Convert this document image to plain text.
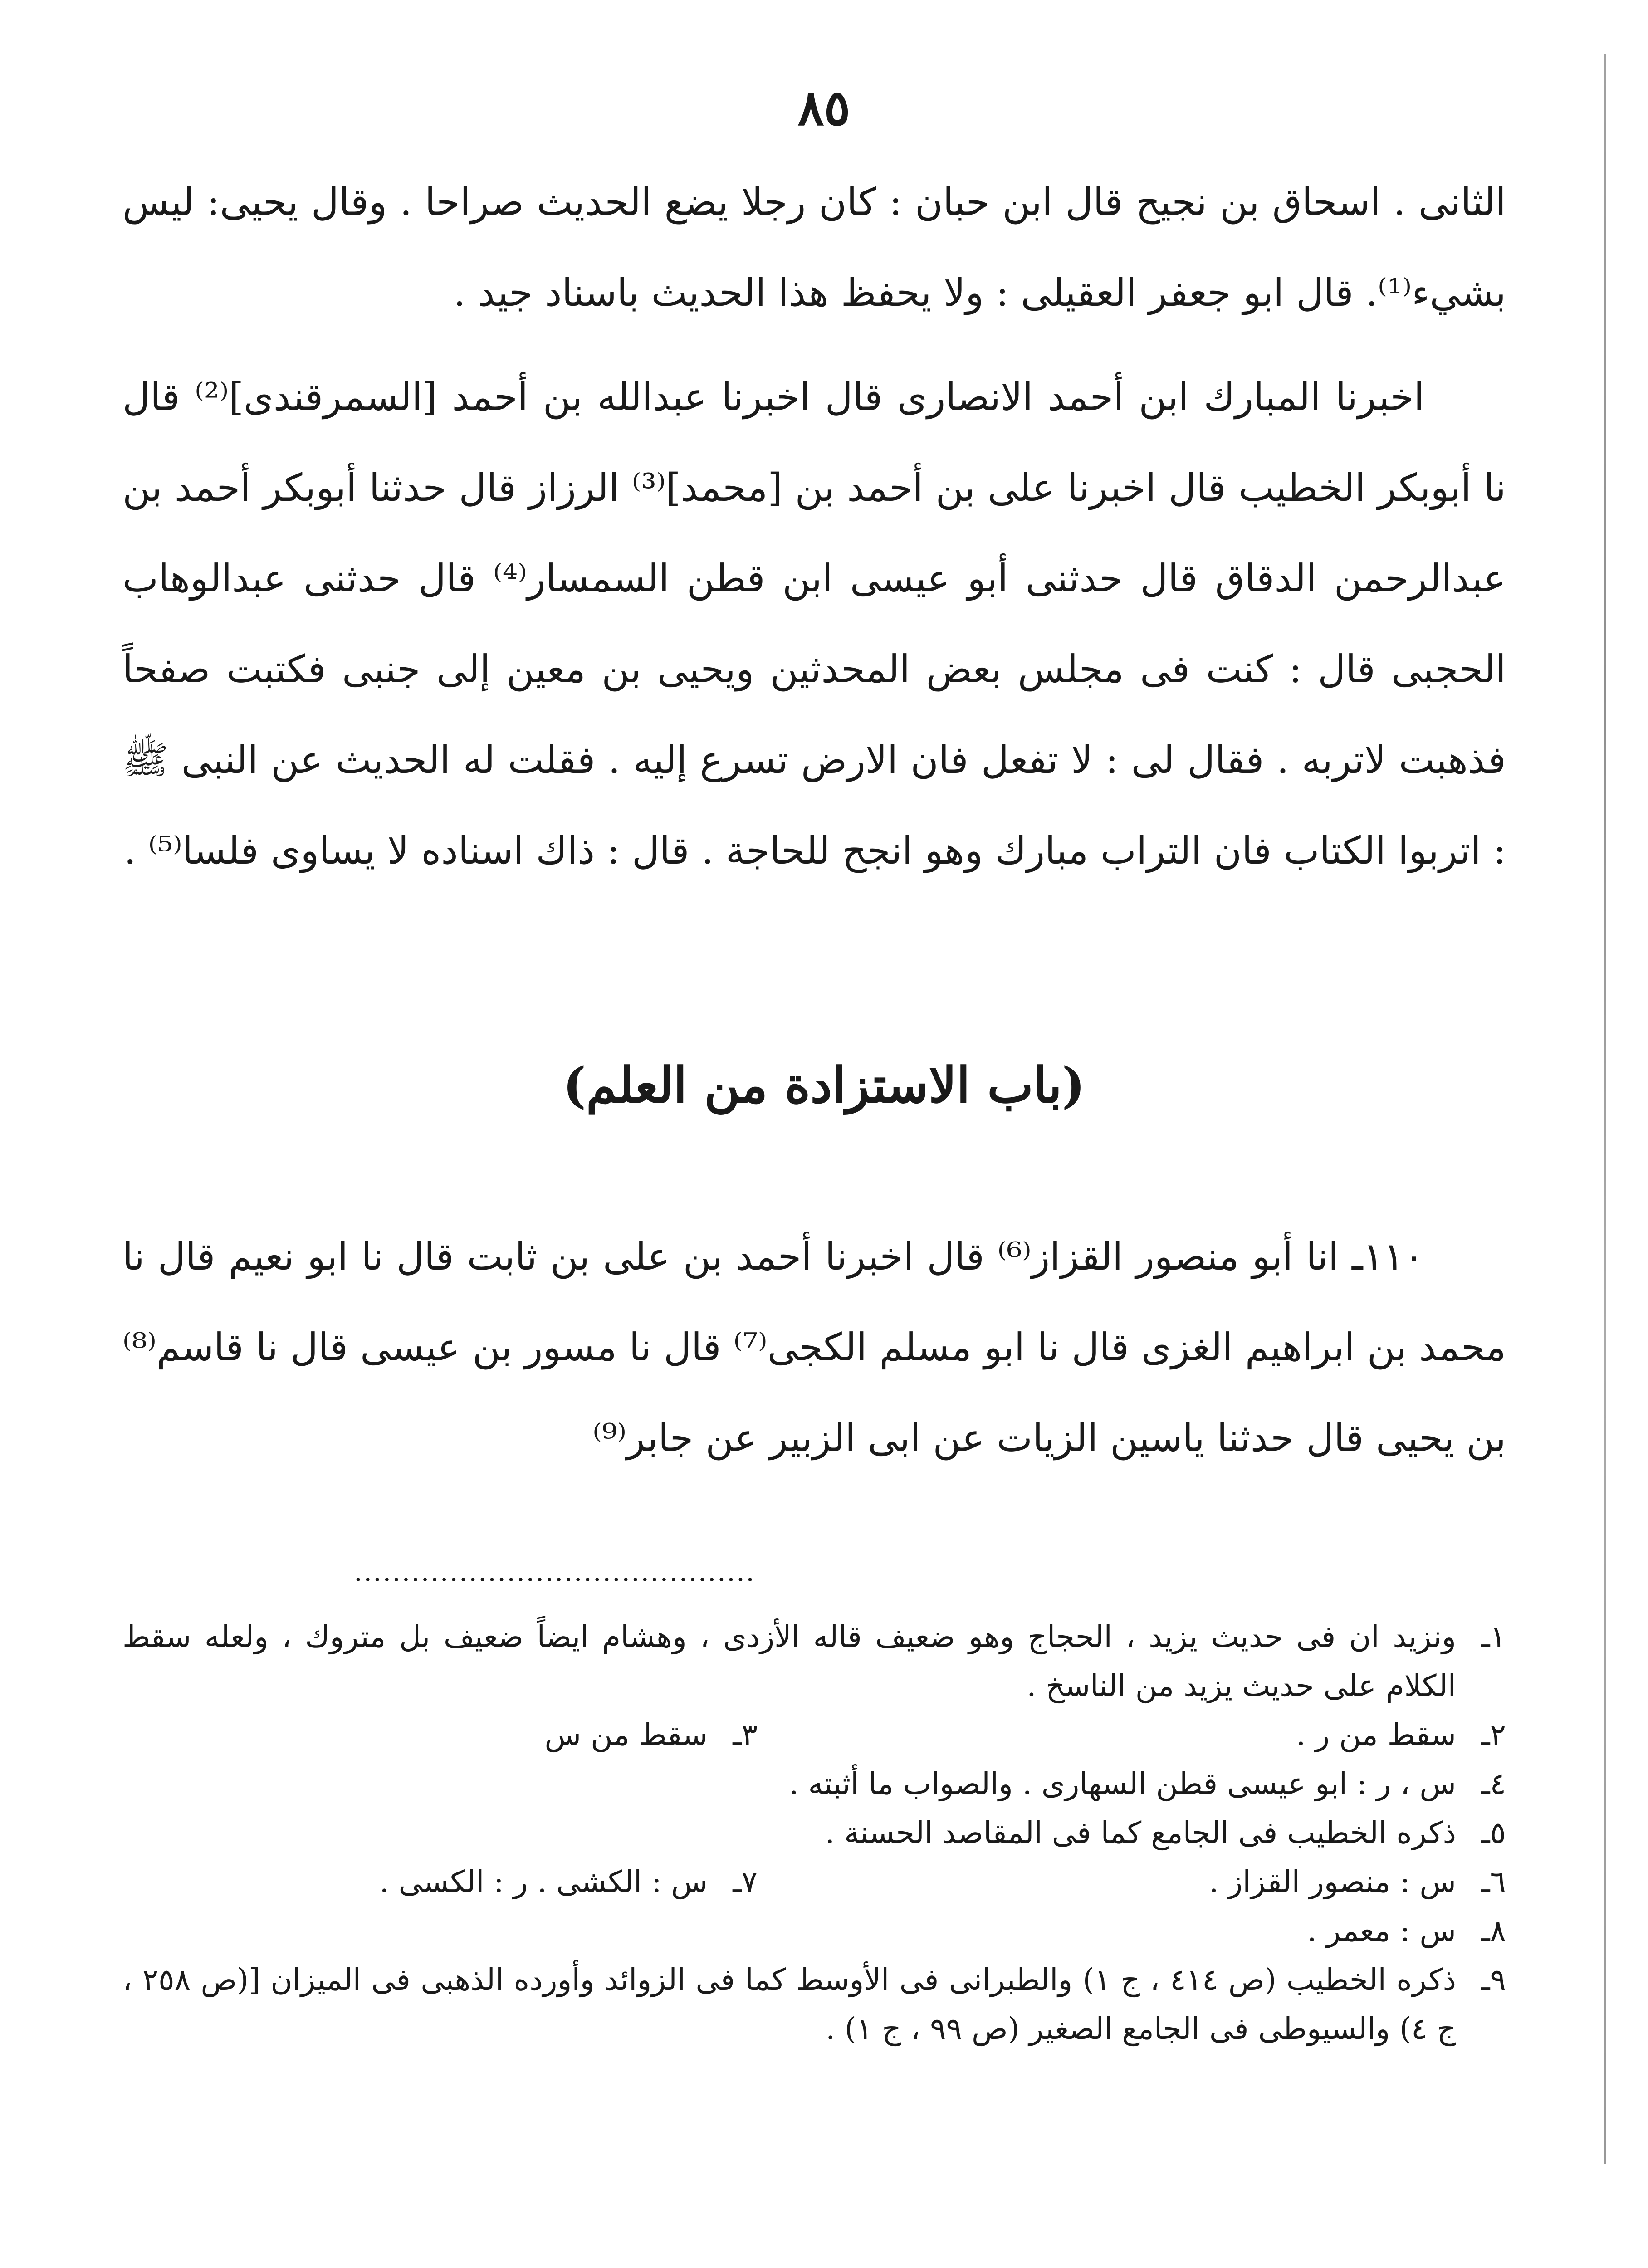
٨٥

الثانى . اسحاق بن نجيح قال ابن حبان : كان رجلا يضع الحديث صراحا . وقال يحيى: ليس بشيء⁽¹⁾. قال ابو جعفر العقيلى : ولا يحفظ هذا الحديث باسناد جيد .

اخبرنا المبارك ابن أحمد الانصارى قال اخبرنا عبدالله بن أحمد [السمرقندى]⁽²⁾ قال نا أبوبكر الخطيب قال اخبرنا على بن أحمد بن [محمد]⁽³⁾ الرزاز قال حدثنا أبوبكر أحمد بن عبدالرحمن الدقاق قال حدثنى أبو عيسى ابن قطن السمسار⁽⁴⁾ قال حدثنى عبدالوهاب الحجبى قال : كنت فى مجلس بعض المحدثين ويحيى بن معين إلى جنبى فكتبت صفحاً فذهبت لاتربه . فقال لى : لا تفعل فان الارض تسرع إليه . فقلت له الحديث عن النبى ﷺ : اتربوا الكتاب فان التراب مبارك وهو انجح للحاجة . قال : ذاك اسناده لا يساوى فلسا⁽⁵⁾ .

(باب الاستزادة من العلم)

١١٠ـ انا أبو منصور القزاز⁽⁶⁾ قال اخبرنا أحمد بن على بن ثابت قال نا ابو نعيم قال نا محمد بن ابراهيم الغزى قال نا ابو مسلم الكجى⁽⁷⁾ قال نا مسور بن عيسى قال نا قاسم⁽⁸⁾ بن يحيى قال حدثنا ياسين الزيات عن ابى الزبير عن جابر⁽⁹⁾

..........................................
١ـ
ونزيد ان فى حديث يزيد ، الحجاج وهو ضعيف قاله الأزدى ، وهشام ايضاً ضعيف بل متروك ، ولعله سقط الكلام على حديث يزيد من الناسخ .
٢ـ
سقط من ر .
٣ـ
سقط من س
٤ـ
س ، ر : ابو عيسى قطن السهارى . والصواب ما أثبته .
٥ـ
ذكره الخطيب فى الجامع كما فى المقاصد الحسنة .
٦ـ
س : منصور القزاز .
٧ـ
س : الكشى . ر : الكسى .
٨ـ
س : معمر .
٩ـ
ذكره الخطيب (ص ٤١٤ ، ج ١) والطبرانى فى الأوسط كما فى الزوائد وأورده الذهبى فى الميزان [(ص ٢٥٨ ، ج ٤) والسيوطى فى الجامع الصغير (ص ٩٩ ، ج ١) .
